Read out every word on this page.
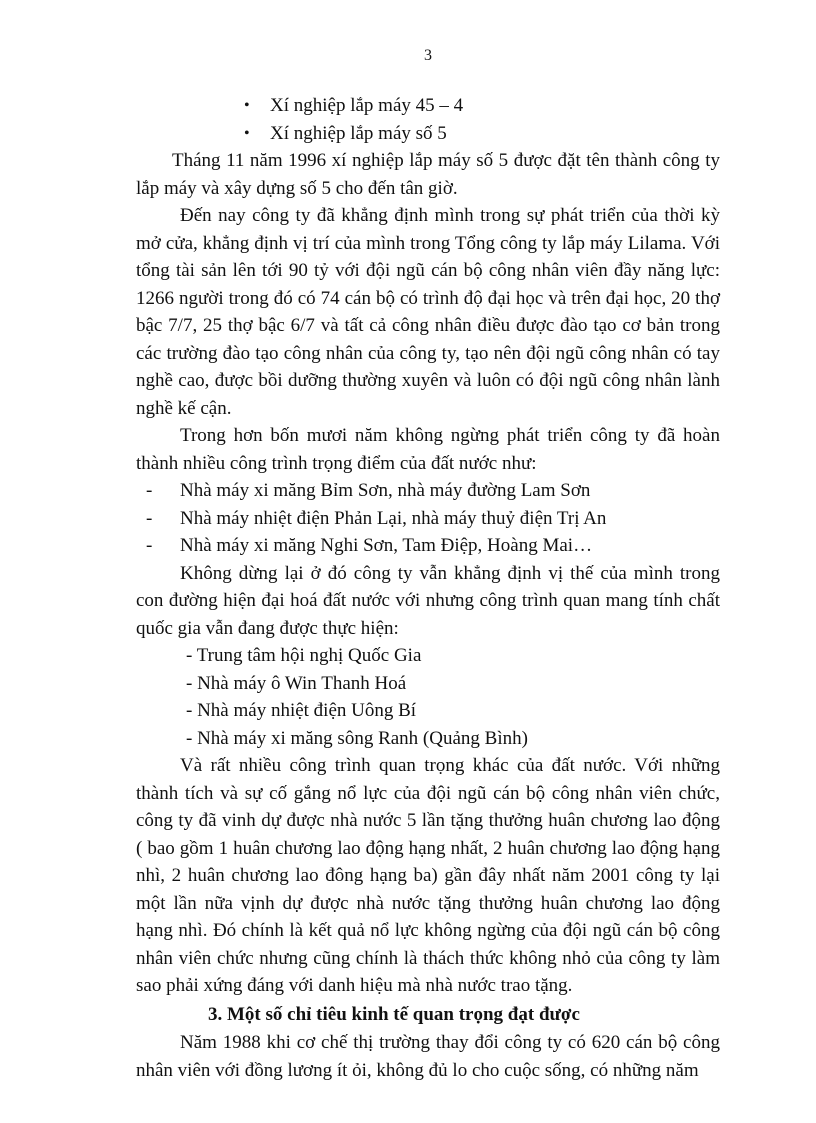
3
• Xí nghiệp lắp máy 45 – 4
• Xí nghiệp lắp máy số 5

Tháng 11 năm 1996 xí nghiệp lắp máy số 5 được đặt tên thành công ty lắp máy và xây dựng số 5 cho đến tân giờ.

Đến nay công ty đã khẳng định mình trong sự phát triển của thời kỳ mở cửa, khẳng định vị trí của mình trong Tổng công ty lắp máy Lilama. Với tổng tài sản lên tới 90 tỷ với đội ngũ cán bộ công nhân viên đầy năng lực: 1266 người trong đó có 74 cán bộ có trình độ đại học và trên đại học, 20 thợ bậc 7/7, 25 thợ bậc 6/7 và tất cả công nhân điều được đào tạo cơ bản trong các trường đào tạo công nhân của công ty, tạo nên đội ngũ công nhân có tay nghề cao, được bồi dưỡng thường xuyên và luôn có đội ngũ công nhân lành nghề kế cận.

Trong hơn bốn mươi năm không ngừng phát triển công ty đã hoàn thành nhiều công trình trọng điểm của đất nước như:

- Nhà máy xi măng Bỉm Sơn, nhà máy đường Lam Sơn
- Nhà máy nhiệt điện Phản Lại, nhà máy thuỷ điện Trị An
- Nhà máy xi măng Nghi Sơn, Tam Điệp, Hoàng Mai…

Không dừng lại ở đó công ty vẫn khẳng định vị thế của mình trong con đường hiện đại hoá đất nước với nhưng công trình quan mang tính chất quốc gia vẫn đang được thực hiện:

- Trung tâm hội nghị Quốc Gia
- Nhà máy ô Win Thanh Hoá
- Nhà máy nhiệt điện Uông Bí
- Nhà máy xi măng sông Ranh (Quảng Bình)

Và rất nhiều công trình quan trọng khác của đất nước. Với những thành tích và sự cố gắng nổ lực của đội ngũ cán bộ công nhân viên chức, công ty đã vinh dự được nhà nước 5 lần tặng thưởng huân chương lao động ( bao gồm 1 huân chương lao động hạng nhất, 2 huân chương lao động hạng nhì, 2 huân chương lao đông hạng ba) gần đây nhất năm 2001 công ty lại một lần nữa vịnh dự được nhà nước tặng thưởng huân chương lao động hạng nhì. Đó chính là kết quả nổ lực không ngừng của đội ngũ cán bộ công nhân viên chức nhưng cũng chính là thách thức không nhỏ của công ty làm sao phải xứng đáng với danh hiệu mà nhà nước trao tặng.

3. Một số chỉ tiêu kinh tế quan trọng đạt được

Năm 1988 khi cơ chế thị trường thay đổi công ty có 620 cán bộ công nhân viên với đồng lương ít ỏi, không đủ lo cho cuộc sống, có những năm
